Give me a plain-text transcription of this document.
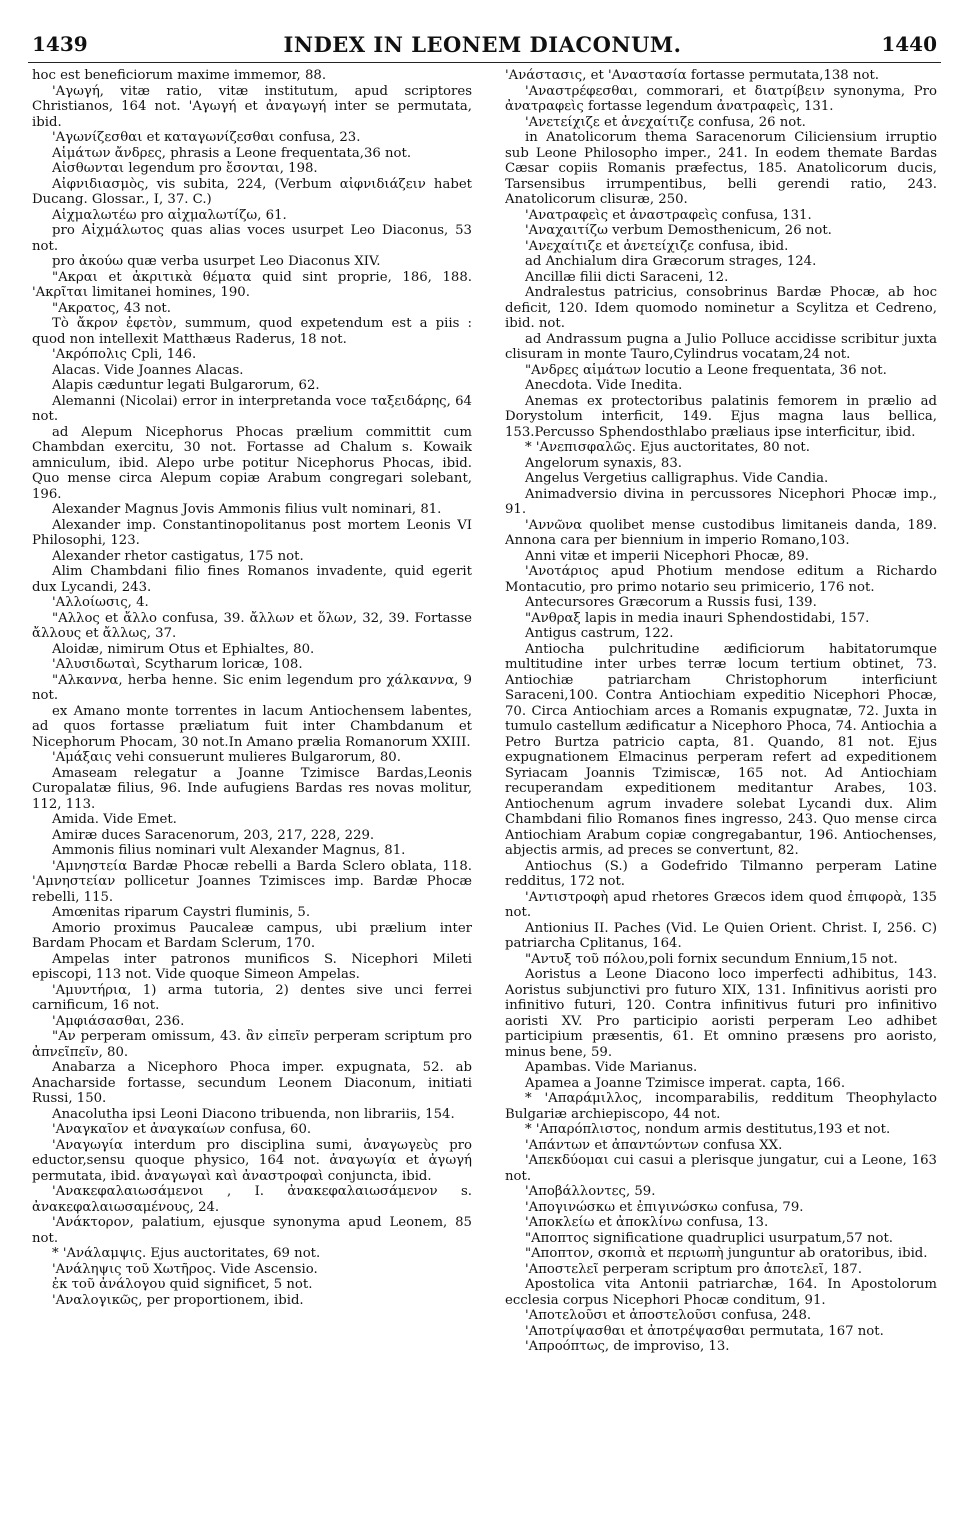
1439	INDEX IN LEONEM DIACONUM.	1440

hoc est beneficiorum maxime immemor, 88.

'Αγωγή, vitæ ratio, vitæ institutum, apud scriptores Christianos, 164 not. 'Αγωγή et ἀναγωγή inter se permutata, ibid.

'Αγωνίζεσθαι et καταγωνίζεσθαι confusa, 23.

Αἱμάτων ἄνδρες, phrasis a Leone frequentata,36 not.

Αἰσθωνται legendum pro ἔσονται, 198.

Αἰφνιδιασμὸς, vis subita, 224, (Verbum αἰφνιδιάζειν habet Ducang. Glossar., I, 37. C.)

Αἰχμαλωτέω pro αἰχμαλωτίζω, 61.

pro Αἰχμάλωτος quas alias voces usurpet Leo Diaconus, 53 not.

pro ἀκούω quæ verba usurpet Leo Diaconus XIV.

"Ακραι et ἀκριτικὰ θέματα quid sint proprie, 186, 188. 'Ακρῖται limitanei homines, 190.

"Ακρατος, 43 not.

Τὸ ἄκρον ἐφετὸν, summum, quod expetendum est a piis : quod non intellexit Matthæus Raderus, 18 not.

'Ακρόπολις Cpli, 146.

Alacas. Vide Joannes Alacas.

Alapis cæduntur legati Bulgarorum, 62.

Alemanni (Nicolai) error in interpretanda voce ταξειδάρης, 64 not.

ad Alepum Nicephorus Phocas prælium committit cum Chambdan exercitu, 30 not. Fortasse ad Chalum s. Kowaik amniculum, ibid. Alepo urbe potitur Nicephorus Phocas, ibid. Quo mense circa Alepum copiæ Arabum congregari solebant, 196.

Alexander Magnus Jovis Ammonis filius vult nominari, 81.

Alexander imp. Constantinopolitanus post mortem Leonis VI Philosophi, 123.

Alexander rhetor castigatus, 175 not.

Alim Chambdani filio fines Romanos invadente, quid egerit dux Lycandi, 243.

'Αλλοίωσις, 4.

"Αλλος et ἄλλο confusa, 39. ἄλλων et ὅλων, 32, 39. Fortasse ἄλλους et ἄλλως, 37.

Aloidæ, nimirum Otus et Ephialtes, 80.

'Αλυσιδωταὶ, Scytharum loricæ, 108.

"Αλκαννα, herba henne. Sic enim legendum pro χάλκαννα, 9 not.

ex Amano monte torrentes in lacum Antiochensem labentes, ad quos fortasse præliatum fuit inter Chambdanum et Nicephorum Phocam, 30 not.In Amano prælia Romanorum XXIII.

'Αμάξαις vehi consuerunt mulieres Bulgarorum, 80.

Amaseam relegatur a Joanne Tzimisce Bardas,Leonis Curopalatæ filius, 96. Inde aufugiens Bardas res novas molitur, 112, 113.

Amida. Vide Emet.

Amiræ duces Saracenorum, 203, 217, 228, 229.

Ammonis filius nominari vult Alexander Magnus, 81.

'Αμνηστεία Bardæ Phocæ rebelli a Barda Sclero oblata, 118. 'Αμνηστείαν pollicetur Joannes Tzimisces imp. Bardæ Phocæ rebelli, 115.

Amœnitas riparum Caystri fluminis, 5.

Amorio proximus Paucaleæ campus, ubi prælium inter Bardam Phocam et Bardam Sclerum, 170.

Ampelas inter patronos munificos S. Nicephori Mileti episcopi, 113 not. Vide quoque Simeon Ampelas.

'Αμυντήρια, 1) arma tutoria, 2) dentes sive unci ferrei carnificum, 16 not.

'Αμφιάσασθαι, 236.

"Αν perperam omissum, 43. ἂν εἰπεῖν perperam scriptum pro ἀπνεῖπεῖν, 80.

Anabarza a Nicephoro Phoca imper. expugnata, 52. ab Anacharside fortasse, secundum Leonem Diaconum, initiati Russi, 150.

Anacolutha ipsi Leoni Diacono tribuenda, non librariis, 154.

'Αναγκαῖον et ἀναγκαίων confusa, 60.

'Αναγωγία interdum pro disciplina sumi, ἀναγωγεὺς pro eductor,sensu quoque physico, 164 not. ἀναγωγία et ἀγωγή permutata, ibid. ἀναγωγαὶ καὶ ἀναστροφαὶ conjuncta, ibid.

'Ανακεφαλαιωσάμενοι , I. ἀνακεφαλαιωσάμενον s. ἀνακεφαλαιωσαμένους, 24.

'Ανάκτορον, palatium, ejusque synonyma apud Leonem, 85 not.

* 'Ανάλαμψις. Ejus auctoritates, 69 not.

'Ανάληψις τοῦ Χωτῆρος. Vide Ascensio.

ἐκ τοῦ ἀνάλογου quid significet, 5 not.

'Αναλογικῶς, per proportionem, ibid.

'Ανάστασις, et 'Αναστασία fortasse permutata,138 not.

'Αναστρέφεσθαι, commorari, et διατρίβειν synonyma, Pro ἀνατραφεὶς fortasse legendum ἀνατραφεὶς, 131.

'Ανετείχιζε et ἀνεχαίτιζε confusa, 26 not.

in Anatolicorum thema Saracenorum Ciliciensium irruptio sub Leone Philosopho imper., 241. In eodem themate Bardas Cæsar copiis Romanis præfectus, 185. Anatolicorum ducis, Tarsensibus irrumpentibus, belli gerendi ratio, 243. Anatolicorum clisuræ, 250.

'Ανατραφεὶς et ἀναστραφεὶς confusa, 131.

'Αναχαιτίζω verbum Demosthenicum, 26 not.

'Ανεχαίτιζε et ἀνετείχιζε confusa, ibid.

ad Anchialum dira Græcorum strages, 124.

Ancillæ filii dicti Saraceni, 12.

Andralestus patricius, consobrinus Bardæ Phocæ, ab hoc deficit, 120. Idem quomodo nominetur a Scylitza et Cedreno, ibid. not.

ad Andrassum pugna a Julio Polluce accidisse scribitur juxta clisuram in monte Tauro,Cylindrus vocatam,24 not.

"Ανδρες αἱμάτων locutio a Leone frequentata, 36 not.

Anecdota. Vide Inedita.

Anemas ex protectoribus palatinis femorem in prælio ad Dorystolum interficit, 149. Ejus magna laus bellica, 153.Percusso Sphendosthlabo præliaus ipse interficitur, ibid.

* 'Ανεπισφαλῶς. Ejus auctoritates, 80 not.

Angelorum synaxis, 83.

Angelus Vergetius calligraphus. Vide Candia.

Animadversio divina in percussores Nicephori Phocæ imp., 91.

'Αννῶνα quolibet mense custodibus limitaneis danda, 189. Annona cara per biennium in imperio Romano,103.

Anni vitæ et imperii Nicephori Phocæ, 89.

'Ανοτάριος apud Photium mendose editum a Richardo Montacutio, pro primo notario seu primicerio, 176 not.

Antecursores Græcorum a Russis fusi, 139.

"Ανθραξ lapis in media inauri Sphendostidabi, 157.

Antigus castrum, 122.

Antiocha pulchritudine ædificiorum habitatorumque multitudine inter urbes terræ locum tertium obtinet, 73. Antiochiæ patriarcham Christophorum interficiunt Saraceni,100. Contra Antiochiam expeditio Nicephori Phocæ, 70. Circa Antiochiam arces a Romanis expugnatæ, 72. Juxta in tumulo castellum ædificatur a Nicephoro Phoca, 74. Antiochia a Petro Burtza patricio capta, 81. Quando, 81 not. Ejus expugnationem Elmacinus perperam refert ad expeditionem Syriacam Joannis Tzimiscæ, 165 not. Ad Antiochiam recuperandam expeditionem meditantur Arabes, 103. Antiochenum agrum invadere solebat Lycandi dux. Alim Chambdani filio Romanos fines ingresso, 243. Quo mense circa Antiochiam Arabum copiæ congregabantur, 196. Antiochenses, abjectis armis, ad preces se convertunt, 82.

Antiochus (S.) a Godefrido Tilmanno perperam Latine redditus, 172 not.

'Αντιστροφὴ apud rhetores Græcos idem quod ἐπιφορὰ, 135 not.

Antionius II. Paches (Vid. Le Quien Orient. Christ. I, 256. C) patriarcha Cplitanus, 164.

"Αντυξ τοῦ πόλου,poli fornix secundum Ennium,15 not.

Aoristus a Leone Diacono loco imperfecti adhibitus, 143. Aoristus subjunctivi pro futuro XIX, 131. Infinitivus aoristi pro infinitivo futuri, 120. Contra infinitivus futuri pro infinitivo aoristi XV. Pro participio aoristi perperam Leo adhibet participium præsentis, 61. Et omnino præsens pro aoristo, minus bene, 59.

Apambas. Vide Marianus.

Apamea a Joanne Tzimisce imperat. capta, 166.

* 'Απαράμιλλος, incomparabilis, redditum Theophylacto Bulgariæ archiepiscopo, 44 not.

* 'Απαρόπλιστος, nondum armis destitutus,193 et not.

'Απάντων et ἀπαντώντων confusa XX.

'Απεκδύομαι cui casui a plerisque jungatur, cui a Leone, 163 not.

'Αποβάλλοντες, 59.

'Απογινώσκω et ἐπιγινώσκω confusa, 79.

'Αποκλείω et ἀποκλίνω confusa, 13.

"Αποπτος significatione quadruplici usurpatum,57 not.

"Αποπτον, σκοπιὰ et περιωπὴ junguntur ab oratoribus, ibid.

'Αποστελεῖ perperam scriptum pro ἀποτελεῖ, 187.

Apostolica vita Antonii patriarchæ, 164. In Apostolorum ecclesia corpus Nicephori Phocæ conditum, 91.

'Αποτελοῦσι et ἀποστελοῦσι confusa, 248.

'Αποτρίψασθαι et ἀποτρέψασθαι permutata, 167 not.

'Απροόπτως, de improviso, 13.
